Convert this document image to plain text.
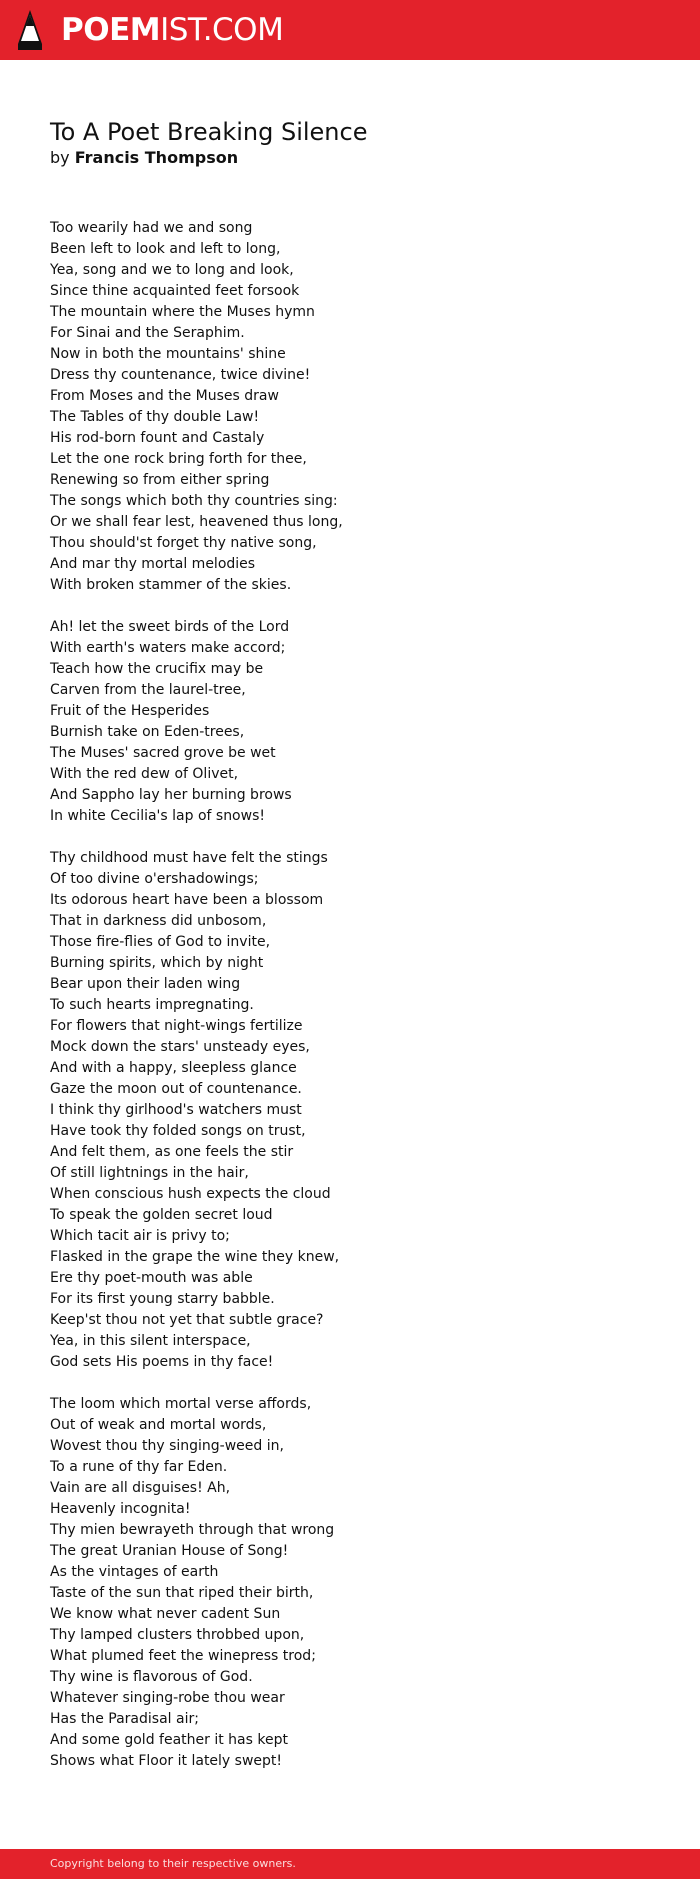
POEMIST.COM
To A Poet Breaking Silence
by Francis Thompson
Too wearily had we and song
Been left to look and left to long,
Yea, song and we to long and look,
Since thine acquainted feet forsook
The mountain where the Muses hymn
For Sinai and the Seraphim.
Now in both the mountains' shine
Dress thy countenance, twice divine!
From Moses and the Muses draw
The Tables of thy double Law!
His rod-born fount and Castaly
Let the one rock bring forth for thee,
Renewing so from either spring
The songs which both thy countries sing:
Or we shall fear lest, heavened thus long,
Thou should'st forget thy native song,
And mar thy mortal melodies
With broken stammer of the skies.
Ah! let the sweet birds of the Lord
With earth's waters make accord;
Teach how the crucifix may be
Carven from the laurel-tree,
Fruit of the Hesperides
Burnish take on Eden-trees,
The Muses' sacred grove be wet
With the red dew of Olivet,
And Sappho lay her burning brows
In white Cecilia's lap of snows!
Thy childhood must have felt the stings
Of too divine o'ershadowings;
Its odorous heart have been a blossom
That in darkness did unbosom,
Those fire-flies of God to invite,
Burning spirits, which by night
Bear upon their laden wing
To such hearts impregnating.
For flowers that night-wings fertilize
Mock down the stars' unsteady eyes,
And with a happy, sleepless glance
Gaze the moon out of countenance.
I think thy girlhood's watchers must
Have took thy folded songs on trust,
And felt them, as one feels the stir
Of still lightnings in the hair,
When conscious hush expects the cloud
To speak the golden secret loud
Which tacit air is privy to;
Flasked in the grape the wine they knew,
Ere thy poet-mouth was able
For its first young starry babble.
Keep'st thou not yet that subtle grace?
Yea, in this silent interspace,
God sets His poems in thy face!
The loom which mortal verse affords,
Out of weak and mortal words,
Wovest thou thy singing-weed in,
To a rune of thy far Eden.
Vain are all disguises! Ah,
Heavenly incognita!
Thy mien bewrayeth through that wrong
The great Uranian House of Song!
As the vintages of earth
Taste of the sun that riped their birth,
We know what never cadent Sun
Thy lamped clusters throbbed upon,
What plumed feet the winepress trod;
Thy wine is flavorous of God.
Whatever singing-robe thou wear
Has the Paradisal air;
And some gold feather it has kept
Shows what Floor it lately swept!
Copyright belong to their respective owners.
